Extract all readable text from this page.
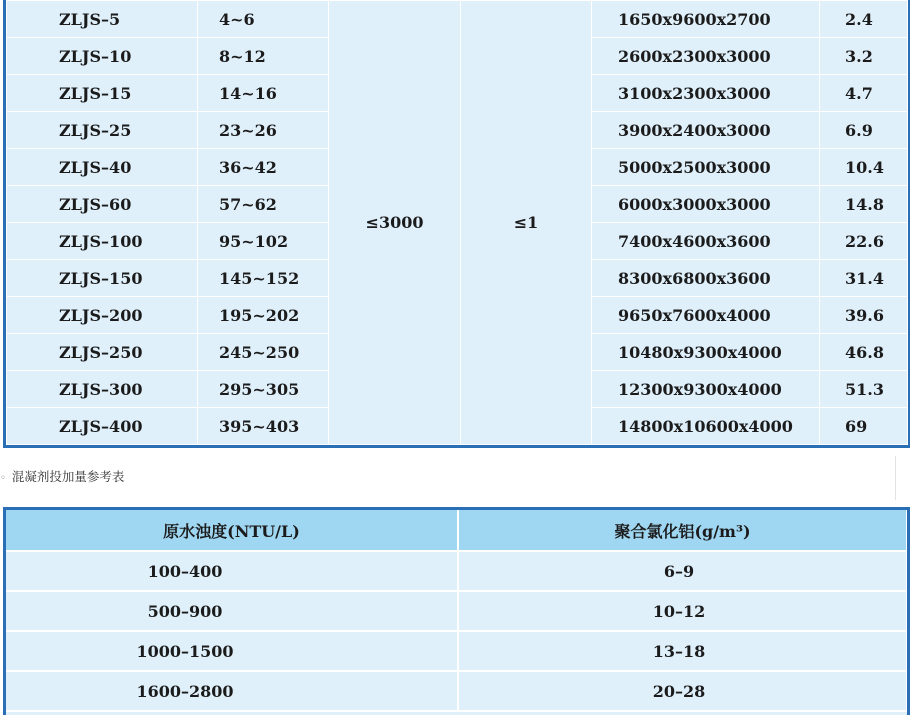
ZLJS–5	4~6	≤3000	≤1	1650x9600x2700	2.4
ZLJS–10	8~12			2600x2300x3000	3.2
ZLJS–15	14~16			3100x2300x3000	4.7
ZLJS–25	23~26			3900x2400x3000	6.9
ZLJS–40	36~42			5000x2500x3000	10.4
ZLJS–60	57~62			6000x3000x3000	14.8
ZLJS–100	95~102			7400x4600x3600	22.6
ZLJS–150	145~152			8300x6800x3600	31.4
ZLJS–200	195~202			9650x7600x4000	39.6
ZLJS–250	245~250			10480x9300x4000	46.8
ZLJS–300	295~305			12300x9300x4000	51.3
ZLJS–400	395~403			14800x10600x4000	69
◦ 混凝剂投加量参考表
原水浊度(NTU/L)	聚合氯化铝(g/m³)
100–400	6–9
500–900	10–12
1000–1500	13–18
1600–2800	20–28
